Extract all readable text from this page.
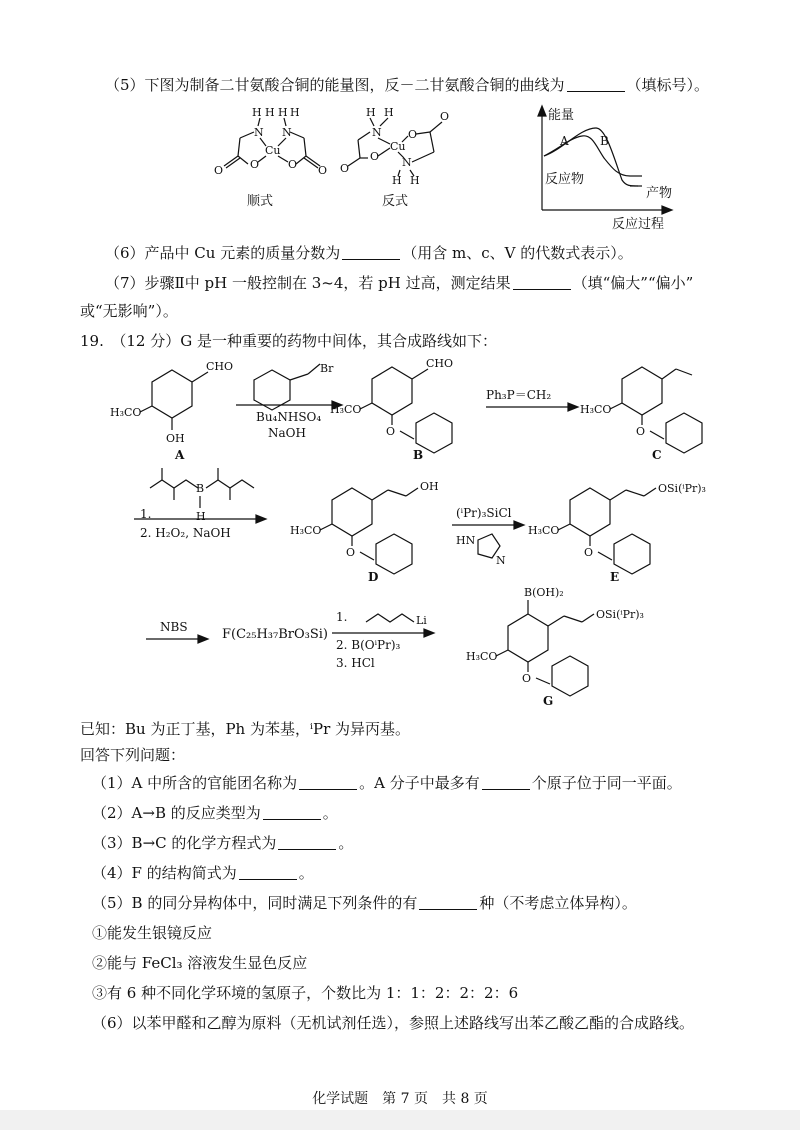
（5）下图为制备二甘氨酸合铜的能量图，反－二甘氨酸合铜的曲线为	（填标号）。
H H H H
N N
Cu
O	O
O	O
顺式
H H
N
Cu
O
O
N
H H
O
O
反式
能量
A	B
反应物
产物
反应过程
（6）产品中 Cu 元素的质量分数为	（用含 m、c、V 的代数式表示）。
（7）步骤Ⅱ中 pH 一般控制在 3~4，若 pH 过高，测定结果	（填“偏大”“偏小”
或“无影响”）。
19.　（12 分）G 是一种重要的药物中间体，其合成路线如下：
CHO
H₃CO
OH
A
Br
Bu₄NHSO₄
NaOH
CHO
H₃CO
O
B
Ph₃P＝CH₂
H₃CO
O
C
B
H
1.
2. H₂O₂, NaOH
OH
H₃CO
O
D
(ⁱPr)₃SiCl
HN
N
OSi(ⁱPr)₃
H₃CO
O
E
NBS	F(C₂₅H₃₇BrO₃Si)
Li
1.
2. B(OⁱPr)₃
3. HCl
B(OH)₂
OSi(ⁱPr)₃
H₃CO
O
G
已知：Bu 为正丁基，Ph 为苯基，ⁱPr 为异丙基。
回答下列问题：
（1）A 中所含的官能团名称为	。A 分子中最多有	个原子位于同一平面。
（2）A→B 的反应类型为	。
（3）B→C 的化学方程式为	。
（4）F 的结构简式为	。
（5）B 的同分异构体中，同时满足下列条件的有	种（不考虑立体异构）。
①能发生银镜反应
②能与 FeCl₃ 溶液发生显色反应
③有 6 种不同化学环境的氢原子，个数比为 1：1：2：2：2：6
（6）以苯甲醛和乙醇为原料（无机试剂任选），参照上述路线写出苯乙酸乙酯的合成路线。
化学试题　第 7 页　共 8 页
